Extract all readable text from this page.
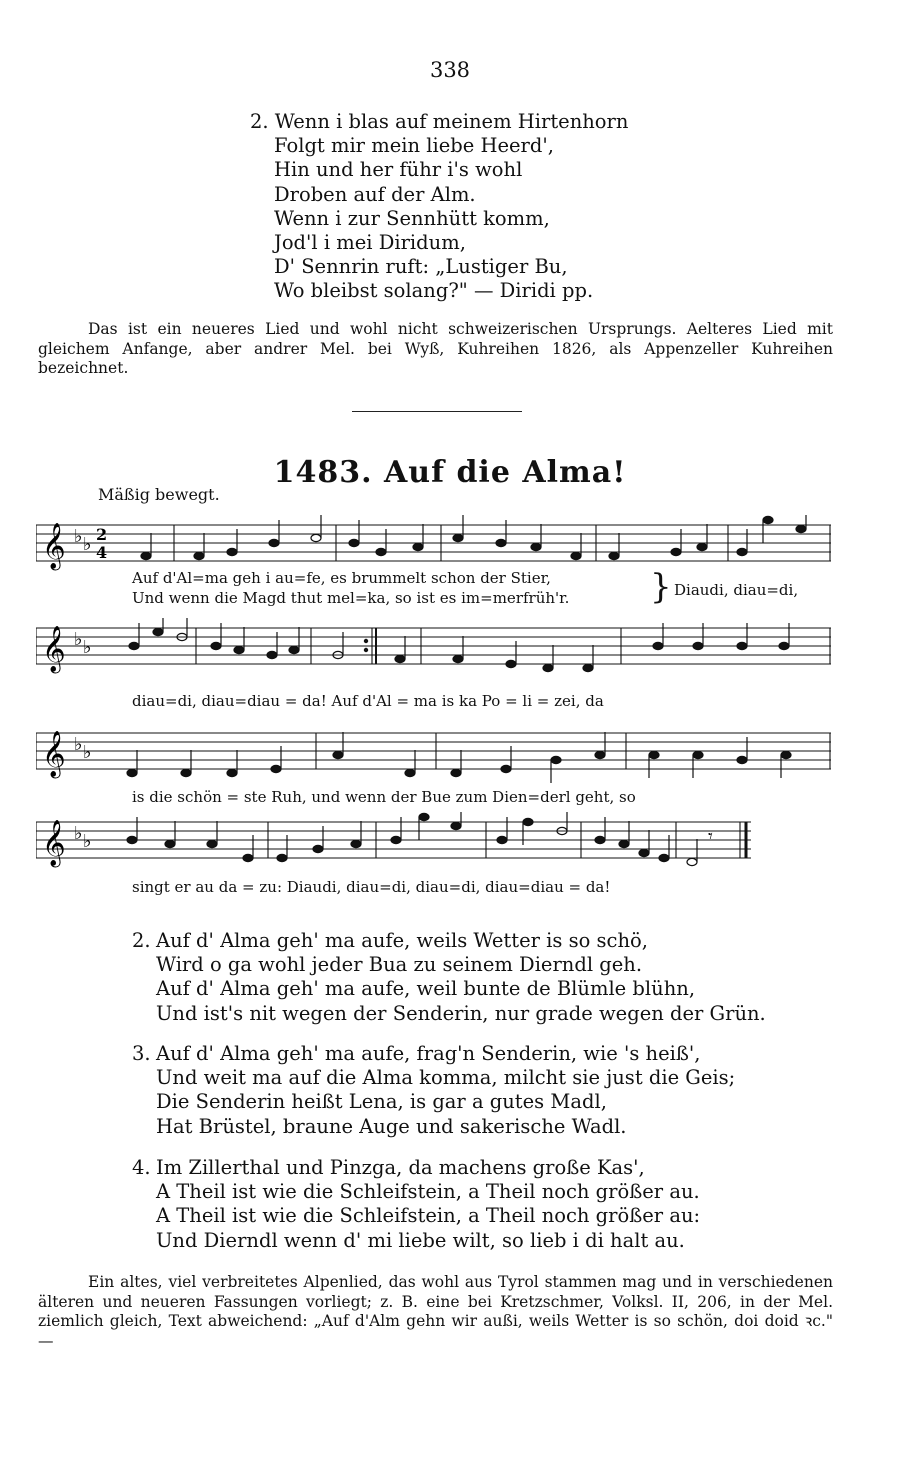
338
2. Wenn i blas auf meinem Hirtenhorn
Folgt mir mein liebe Heerd',
Hin und her führ i's wohl
Droben auf der Alm.
Wenn i zur Sennhütt komm,
Jod'l i mei Diridum,
D' Sennrin ruft: „Lustiger Bu,
Wo bleibst solang?" — Diridi pp.

Das ist ein neueres Lied und wohl nicht schweizerischen Ursprungs. Aelteres Lied mit gleichem Anfange, aber andrer Mel. bei Wyß, Kuhreihen 1826, als Appenzeller Kuhreihen bezeichnet.

1483. Auf die Alma!
Mäßig bewegt.
𝄞 ♭ ♭ 2
4
Auf d'Al=ma geh i au=fe, es brummelt schon der Stier,
Und wenn die Magd thut mel=ka, so ist es im=merfrüh'r. } Diaudi, diau=di,
𝄞 ♭ ♭
diau=di, diau=diau = da! Auf d'Al = ma is ka Po = li = zei, da
𝄞 ♭ ♭
is die schön = ste Ruh, und wenn der Bue zum Dien=derl geht, so
𝄞 ♭ ♭	𝄾
singt er au da = zu: Diaudi, diau=di, diau=di, diau=diau = da!
2. Auf d' Alma geh' ma aufe, weils Wetter is so schö,
Wird o ga wohl jeder Bua zu seinem Dierndl geh.
Auf d' Alma geh' ma aufe, weil bunte de Blümle blühn,
Und ist's nit wegen der Senderin, nur grade wegen der Grün.
3. Auf d' Alma geh' ma aufe, frag'n Senderin, wie 's heiß',
Und weit ma auf die Alma komma, milcht sie just die Geis;
Die Senderin heißt Lena, is gar a gutes Madl,
Hat Brüstel, braune Auge und sakerische Wadl.
4. Im Zillerthal und Pinzga, da machens große Kas',
A Theil ist wie die Schleifstein, a Theil noch größer au.
A Theil ist wie die Schleifstein, a Theil noch größer au:
Und Dierndl wenn d' mi liebe wilt, so lieb i di halt au.

Ein altes, viel verbreitetes Alpenlied, das wohl aus Tyrol stammen mag und in verschiedenen älteren und neueren Fassungen vorliegt; z. B. eine bei Kretzschmer, Volksl. II, 206, in der Mel. ziemlich gleich, Text abweichend: „Auf d'Alm gehn wir außi, weils Wetter is so schön, doi doid ꝛc." —
